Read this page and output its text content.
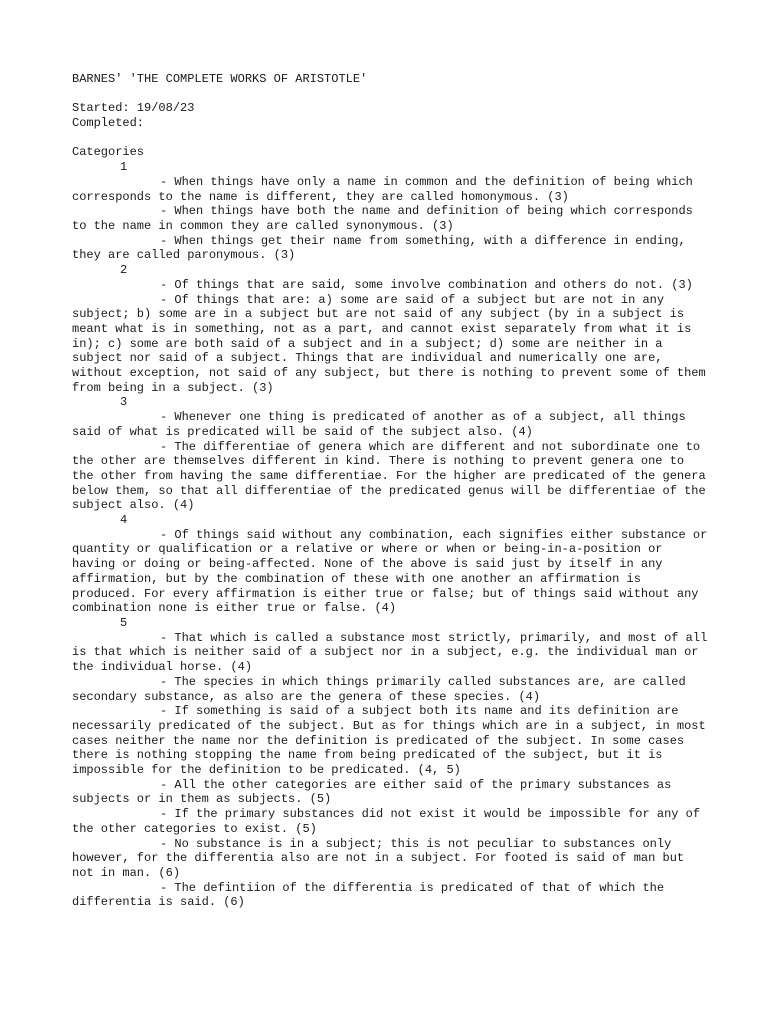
BARNES' 'THE COMPLETE WORKS OF ARISTOTLE'

Started: 19/08/23

Completed:

Categories

1

- When things have only a name in common and the definition of being which corresponds to the name is different, they are called homonymous. (3)

- When things have both the name and definition of being which corresponds to the name in common they are called synonymous. (3)

- When things get their name from something, with a difference in ending, they are called paronymous. (3)

2

- Of things that are said, some involve combination and others do not. (3)

- Of things that are: a) some are said of a subject but are not in any subject; b) some are in a subject but are not said of any subject (by in a subject is meant what is in something, not as a part, and cannot exist separately from what it is in); c) some are both said of a subject and in a subject; d) some are neither in a subject nor said of a subject. Things that are individual and numerically one are, without exception, not said of any subject, but there is nothing to prevent some of them from being in a subject. (3)

3

- Whenever one thing is predicated of another as of a subject, all things said of what is predicated will be said of the subject also. (4)

- The differentiae of genera which are different and not subordinate one to the other are themselves different in kind. There is nothing to prevent genera one to the other from having the same differentiae. For the higher are predicated of the genera below them, so that all differentiae of the predicated genus will be differentiae of the subject also. (4)

4

- Of things said without any combination, each signifies either substance or quantity or qualification or a relative or where or when or being-in-a-position or having or doing or being-affected. None of the above is said just by itself in any affirmation, but by the combination of these with one another an affirmation is produced. For every affirmation is either true or false; but of things said without any combination none is either true or false. (4)

5

- That which is called a substance most strictly, primarily, and most of all is that which is neither said of a subject nor in a subject, e.g. the individual man or the individual horse. (4)

- The species in which things primarily called substances are, are called secondary substance, as also are the genera of these species. (4)

- If something is said of a subject both its name and its definition are necessarily predicated of the subject. But as for things which are in a subject, in most cases neither the name nor the definition is predicated of the subject. In some cases there is nothing stopping the name from being predicated of the subject, but it is impossible for the definition to be predicated. (4, 5)

- All the other categories are either said of the primary substances as subjects or in them as subjects. (5)

- If the primary substances did not exist it would be impossible for any of the other categories to exist. (5)

- No substance is in a subject; this is not peculiar to substances only however, for the differentia also are not in a subject. For footed is said of man but not in man. (6)

- The defintiion of the differentia is predicated of that of which the differentia is said. (6)
